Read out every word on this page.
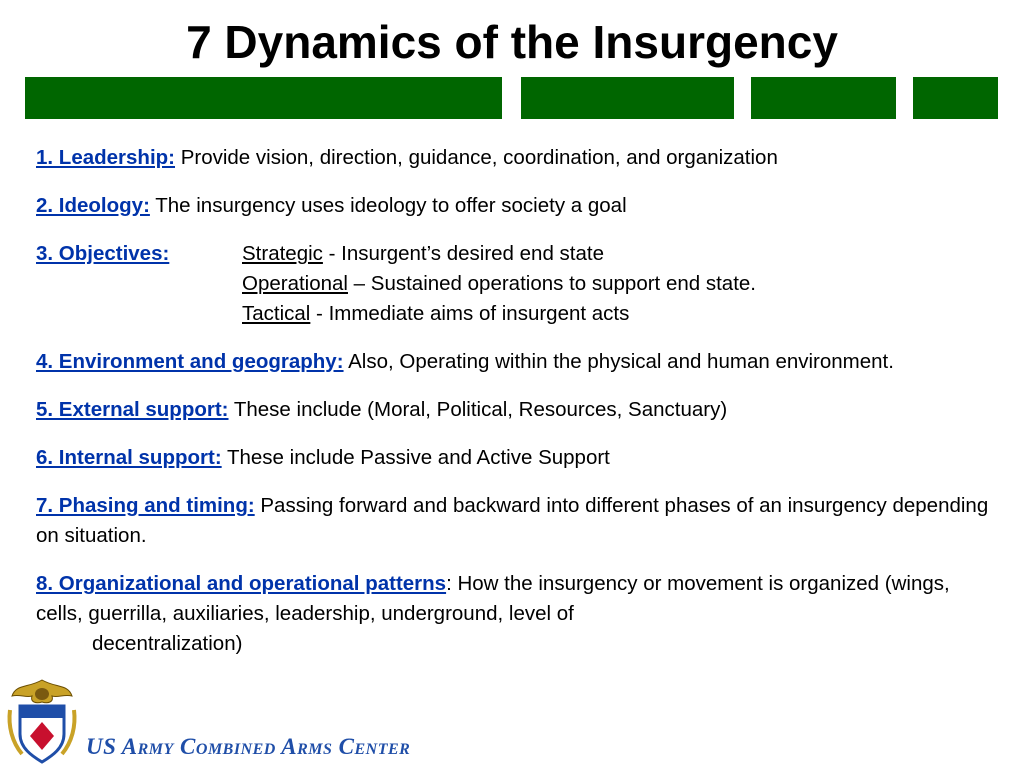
7 Dynamics of the Insurgency

1. Leadership: Provide vision, direction, guidance, coordination, and organization

2. Ideology: The insurgency uses ideology to offer society a goal

3. Objectives:	Strategic - Insurgent’s desired end state
Operational – Sustained operations to support end state.
Tactical - Immediate aims of insurgent acts

4. Environment and geography: Also, Operating within the physical and human environment.

5. External support: These include (Moral, Political, Resources, Sanctuary)

6. Internal support: These include Passive and Active Support

7. Phasing and timing: Passing forward and backward into different phases of an insurgency depending on situation.

8. Organizational and operational patterns: How the insurgency or movement is organized (wings, cells, guerrilla, auxiliaries, leadership, underground, level of
decentralization)
US Army Combined Arms Center
